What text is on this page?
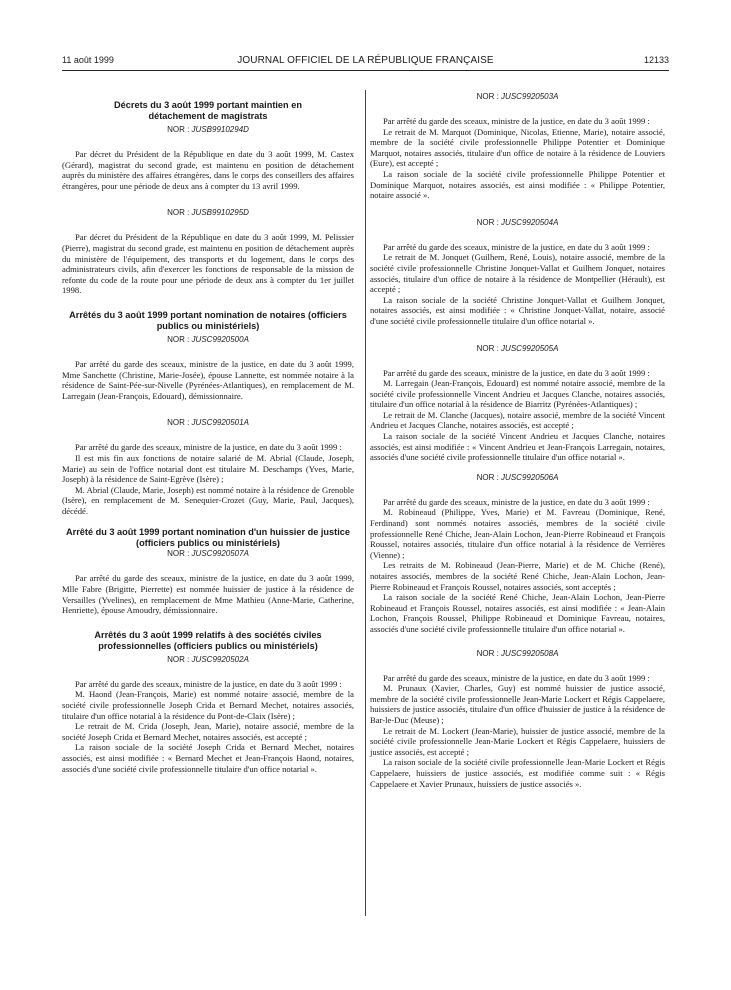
11 août 1999	JOURNAL OFFICIEL DE LA RÉPUBLIQUE FRANÇAISE	12133
Décrets du 3 août 1999 portant maintien en détachement de magistrats
NOR : JUSB9910294D

Par décret du Président de la République en date du 3 août 1999, M. Castex (Gérard), magistrat du second grade, est maintenu en position de détachement auprès du ministère des affaires étrangères, dans le corps des conseillers des affaires étrangères, pour une période de deux ans à compter du 13 avril 1999.

NOR : JUSB9910295D

Par décret du Président de la République en date du 3 août 1999, M. Pelissier (Pierre), magistrat du second grade, est maintenu en position de détachement auprès du ministère de l'équipement, des transports et du logement, dans le corps des administrateurs civils, afin d'exercer les fonctions de responsable de la mission de refonte du code de la route pour une période de deux ans à compter du 1er juillet 1998.

Arrêtés du 3 août 1999 portant nomination de notaires (officiers publics ou ministériels)
NOR : JUSC9920500A

Par arrêté du garde des sceaux, ministre de la justice, en date du 3 août 1999, Mme Sanchette (Christine, Marie-Josée), épouse Lannette, est nommée notaire à la résidence de Saint-Pée-sur-Nivelle (Pyrénées-Atlantiques), en remplacement de M. Larregain (Jean-François, Edouard), démissionnaire.

NOR : JUSC9920501A

Par arrêté du garde des sceaux, ministre de la justice, en date du 3 août 1999 :

Il est mis fin aux fonctions de notaire salarié de M. Abrial (Claude, Joseph, Marie) au sein de l'office notarial dont est titulaire M. Deschamps (Yves, Marie, Joseph) à la résidence de Saint-Egrève (Isère) ;

M. Abrial (Claude, Marie, Joseph) est nommé notaire à la résidence de Grenoble (Isère), en remplacement de M. Senequier-Crozet (Guy, Marie, Paul, Jacques), décédé.

Arrêté du 3 août 1999 portant nomination d'un huissier de justice (officiers publics ou ministériels)
NOR : JUSC9920507A

Par arrêté du garde des sceaux, ministre de la justice, en date du 3 août 1999, Mlle Fabre (Brigitte, Pierrette) est nommée huissier de justice à la résidence de Versailles (Yvelines), en remplacement de Mme Mathieu (Anne-Marie, Catherine, Henriette), épouse Amoudry, démissionnaire.

Arrêtés du 3 août 1999 relatifs à des sociétés civiles professionnelles (officiers publics ou ministériels)
NOR : JUSC9920502A

Par arrêté du garde des sceaux, ministre de la justice, en date du 3 août 1999 :

M. Haond (Jean-François, Marie) est nommé notaire associé, membre de la société civile professionnelle Joseph Crida et Bernard Mechet, notaires associés, titulaire d'un office notarial à la résidence du Pont-de-Claix (Isère) ;

Le retrait de M. Crida (Joseph, Jean, Marie), notaire associé, membre de la société Joseph Crida et Bernard Mechet, notaires associés, est accepté ;

La raison sociale de la société Joseph Crida et Bernard Mechet, notaires associés, est ainsi modifiée : « Bernard Mechet et Jean-François Haond, notaires, associés d'une société civile professionnelle titulaire d'un office notarial ».

NOR : JUSC9920503A

Par arrêté du garde des sceaux, ministre de la justice, en date du 3 août 1999 :

Le retrait de M. Marquot (Dominique, Nicolas, Etienne, Marie), notaire associé, membre de la société civile professionnelle Philippe Potentier et Dominique Marquot, notaires associés, titulaire d'un office de notaire à la résidence de Louviers (Eure), est accepté ;

La raison sociale de la société civile professionnelle Philippe Potentier et Dominique Marquot, notaires associés, est ainsi modifiée : « Philippe Potentier, notaire associé ».

NOR : JUSC9920504A

Par arrêté du garde des sceaux, ministre de la justice, en date du 3 août 1999 :

Le retrait de M. Jonquet (Guilhem, René, Louis), notaire associé, membre de la société civile professionnelle Christine Jonquet-Vallat et Guilhem Jonquet, notaires associés, titulaire d'un office de notaire à la résidence de Montpellier (Hérault), est accepté ;

La raison sociale de la société Christine Jonquet-Vallat et Guilhem Jonquet, notaires associés, est ainsi modifiée : « Christine Jonquet-Vallat, notaire, associé d'une société civile professionnelle titulaire d'un office notarial ».

NOR : JUSC9920505A

Par arrêté du garde des sceaux, ministre de la justice, en date du 3 août 1999 :

M. Larregain (Jean-François, Edouard) est nommé notaire associé, membre de la société civile professionnelle Vincent Andrieu et Jacques Clanche, notaires associés, titulaire d'un office notarial à la résidence de Biarritz (Pyrénées-Atlantiques) ;

Le retrait de M. Clanche (Jacques), notaire associé, membre de la société Vincent Andrieu et Jacques Clanche, notaires associés, est accepté ;

La raison sociale de la société Vincent Andrieu et Jacques Clanche, notaires associés, est ainsi modifiée : « Vincent Andrieu et Jean-François Larregain, notaires, associés d'une société civile professionnelle titulaire d'un office notarial ».

NOR : JUSC9920506A

Par arrêté du garde des sceaux, ministre de la justice, en date du 3 août 1999 :

M. Robineaud (Philippe, Yves, Marie) et M. Favreau (Dominique, René, Ferdinand) sont nommés notaires associés, membres de la société civile professionnelle René Chiche, Jean-Alain Lochon, Jean-Pierre Robineaud et François Roussel, notaires associés, titulaire d'un office notarial à la résidence de Verrières (Vienne) ;

Les retraits de M. Robineaud (Jean-Pierre, Marie) et de M. Chiche (René), notaires associés, membres de la société René Chiche, Jean-Alain Lochon, Jean-Pierre Robineaud et François Roussel, notaires associés, sont acceptés ;

La raison sociale de la société René Chiche, Jean-Alain Lochon, Jean-Pierre Robineaud et François Roussel, notaires associés, est ainsi modifiée : « Jean-Alain Lochon, François Roussel, Philippe Robineaud et Dominique Favreau, notaires, associés d'une société civile professionnelle titulaire d'un office notarial ».

NOR : JUSC9920508A

Par arrêté du garde des sceaux, ministre de la justice, en date du 3 août 1999 :

M. Prunaux (Xavier, Charles, Guy) est nommé huissier de justice associé, membre de la société civile professionnelle Jean-Marie Lockert et Régis Cappelaere, huissiers de justice associés, titulaire d'un office d'huissier de justice à la résidence de Bar-le-Duc (Meuse) ;

Le retrait de M. Lockert (Jean-Marie), huissier de justice associé, membre de la société civile professionnelle Jean-Marie Lockert et Régis Cappelaere, huissiers de justice associés, est accepté ;

La raison sociale de la société civile professionnelle Jean-Marie Lockert et Régis Cappelaere, huissiers de justice associés, est modifiée comme suit : « Régis Cappelaere et Xavier Prunaux, huissiers de justice associés ».
